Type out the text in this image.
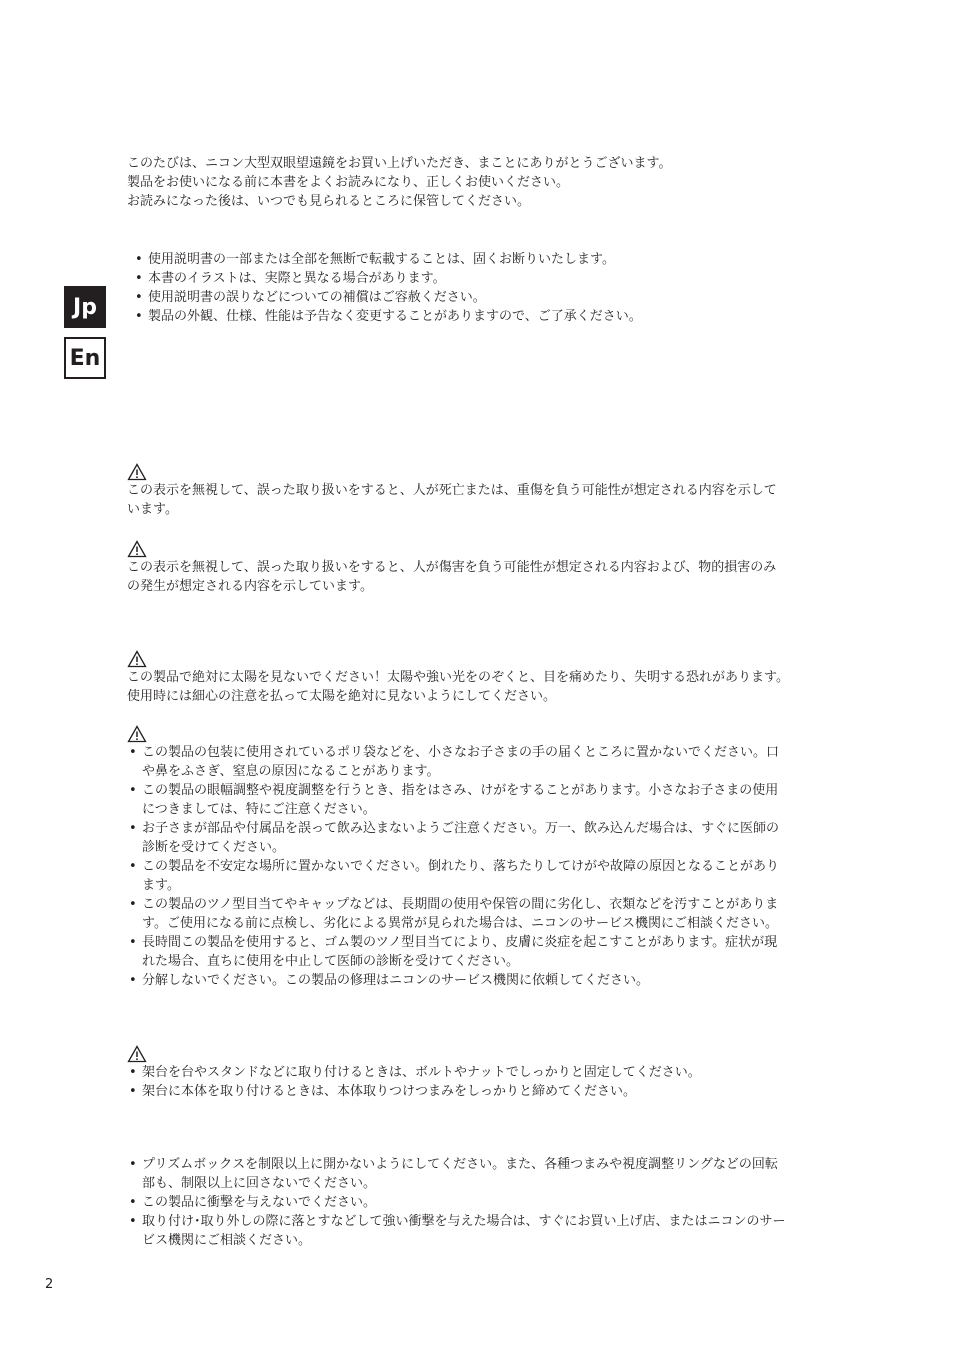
このたびは、ニコン大型双眼望遠鏡をお買い上げいただき、まことにありがとうございます。

製品をお使いになる前に本書をよくお読みになり、正しくお使いください。

お読みになった後は、いつでも見られるところに保管してください。

• 使用説明書の一部または全部を無断で転載することは、固くお断りいたします。
• 本書のイラストは、実際と異なる場合があります。
• 使用説明書の誤りなどについての補償はご容赦ください。
• 製品の外観、仕様、性能は予告なく変更することがありますので、ご了承ください。
Jp
En

この表示を無視して、誤った取り扱いをすると、人が死亡または、重傷を負う可能性が想定される内容を示して

います。

この表示を無視して、誤った取り扱いをすると、人が傷害を負う可能性が想定される内容および、物的損害のみ

の発生が想定される内容を示しています。

この製品で絶対に太陽を見ないでください！太陽や強い光をのぞくと、目を痛めたり、失明する恐れがあります。

使用時には細心の注意を払って太陽を絶対に見ないようにしてください。

• この製品の包装に使用されているポリ袋などを、小さなお子さまの手の届くところに置かないでください。口
や鼻をふさぎ、窒息の原因になることがあります。
• この製品の眼幅調整や視度調整を行うとき、指をはさみ、けがをすることがあります。小さなお子さまの使用
につきましては、特にご注意ください。
• お子さまが部品や付属品を誤って飲み込まないようご注意ください。万一、飲み込んだ場合は、すぐに医師の
診断を受けてください。
• この製品を不安定な場所に置かないでください。倒れたり、落ちたりしてけがや故障の原因となることがあり
ます。
• この製品のツノ型目当てやキャップなどは、長期間の使用や保管の間に劣化し、衣類などを汚すことがありま
す。ご使用になる前に点検し、劣化による異常が見られた場合は、ニコンのサービス機関にご相談ください。
• 長時間この製品を使用すると、ゴム製のツノ型目当てにより、皮膚に炎症を起こすことがあります。症状が現
れた場合、直ちに使用を中止して医師の診断を受けてください。
• 分解しないでください。この製品の修理はニコンのサービス機関に依頼してください。
• 架台を台やスタンドなどに取り付けるときは、ボルトやナットでしっかりと固定してください。
• 架台に本体を取り付けるときは、本体取りつけつまみをしっかりと締めてください。
• プリズムボックスを制限以上に開かないようにしてください。また、各種つまみや視度調整リングなどの回転
部も、制限以上に回さないでください。
• この製品に衝撃を与えないでください。
• 取り付け･取り外しの際に落とすなどして強い衝撃を与えた場合は、すぐにお買い上げ店、またはニコンのサー
ビス機関にご相談ください。
2
